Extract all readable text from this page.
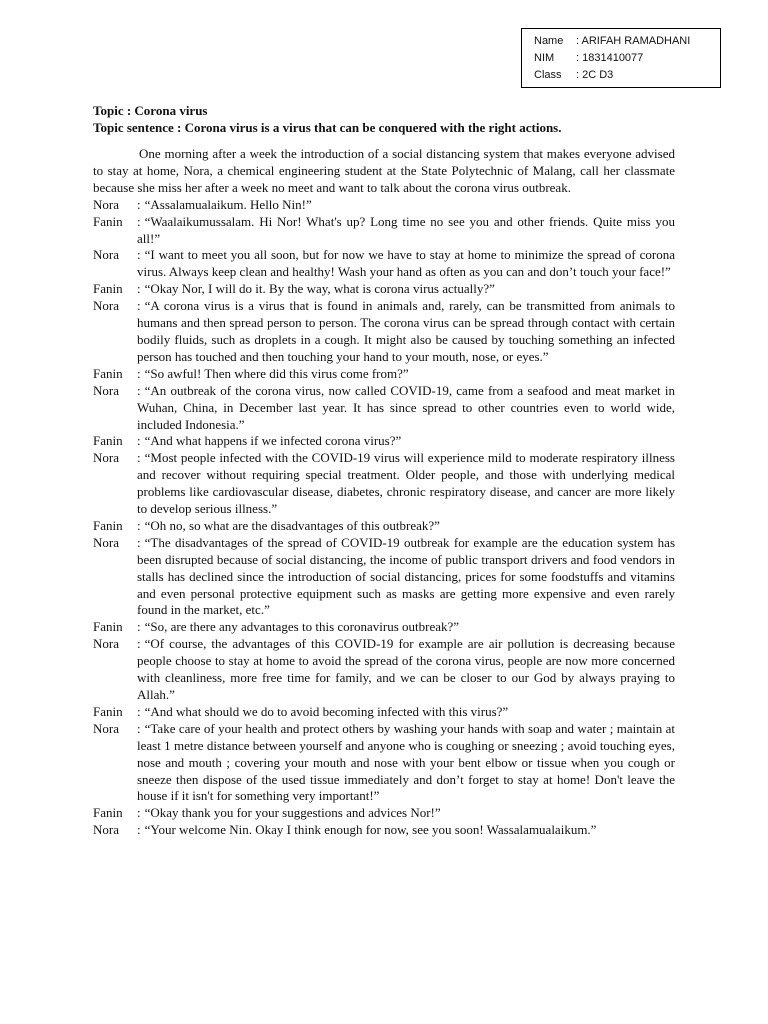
Name	: ARIFAH RAMADHANI
NIM	: 1831410077
Class	: 2C D3
Topic : Corona virus
Topic sentence : Corona virus is a virus that can be conquered with the right actions.

One morning after a week the introduction of a social distancing system that makes everyone advised to stay at home, Nora, a chemical engineering student at the State Polytechnic of Malang, call her classmate because she miss her after a week no meet and want to talk about the corona virus outbreak.

Nora	: “Assalamualaikum. Hello Nin!”
Fanin	: “Waalaikumussalam. Hi Nor! What's up? Long time no see you and other friends. Quite miss you all!”
Nora	: “I want to meet you all soon, but for now we have to stay at home to minimize the spread of corona virus. Always keep clean and healthy! Wash your hand as often as you can and don’t touch your face!”
Fanin	: “Okay Nor, I will do it. By the way, what is corona virus actually?”
Nora	: “A corona virus is a virus that is found in animals and, rarely, can be transmitted from animals to humans and then spread person to person. The corona virus can be spread through contact with certain bodily fluids, such as droplets in a cough. It might also be caused by touching something an infected person has touched and then touching your hand to your mouth, nose, or eyes.”
Fanin	: “So awful! Then where did this virus come from?”
Nora	: “An outbreak of the corona virus, now called COVID-19, came from a seafood and meat market in Wuhan, China, in December last year. It has since spread to other countries even to world wide, included Indonesia.”
Fanin	: “And what happens if we infected corona virus?”
Nora	: “Most people infected with the COVID-19 virus will experience mild to moderate respiratory illness and recover without requiring special treatment. Older people, and those with underlying medical problems like cardiovascular disease, diabetes, chronic respiratory disease, and cancer are more likely to develop serious illness.”
Fanin	: “Oh no, so what are the disadvantages of this outbreak?”
Nora	: “The disadvantages of the spread of COVID-19 outbreak for example are the education system has been disrupted because of social distancing, the income of public transport drivers and food vendors in stalls has declined since the introduction of social distancing, prices for some foodstuffs and vitamins and even personal protective equipment such as masks are getting more expensive and even rarely found in the market, etc.”
Fanin	: “So, are there any advantages to this coronavirus outbreak?”
Nora	: “Of course, the advantages of this COVID-19 for example are air pollution is decreasing because people choose to stay at home to avoid the spread of the corona virus, people are now more concerned with cleanliness, more free time for family, and we can be closer to our God by always praying to Allah.”
Fanin	: “And what should we do to avoid becoming infected with this virus?”
Nora	: “Take care of your health and protect others by washing your hands with soap and water ; maintain at least 1 metre distance between yourself and anyone who is coughing or sneezing ; avoid touching eyes, nose and mouth ; covering your mouth and nose with your bent elbow or tissue when you cough or sneeze then dispose of the used tissue immediately and don’t forget to stay at home! Don't leave the house if it isn't for something very important!”
Fanin	: “Okay thank you for your suggestions and advices Nor!”
Nora	: “Your welcome Nin. Okay I think enough for now, see you soon! Wassalamualaikum.”
